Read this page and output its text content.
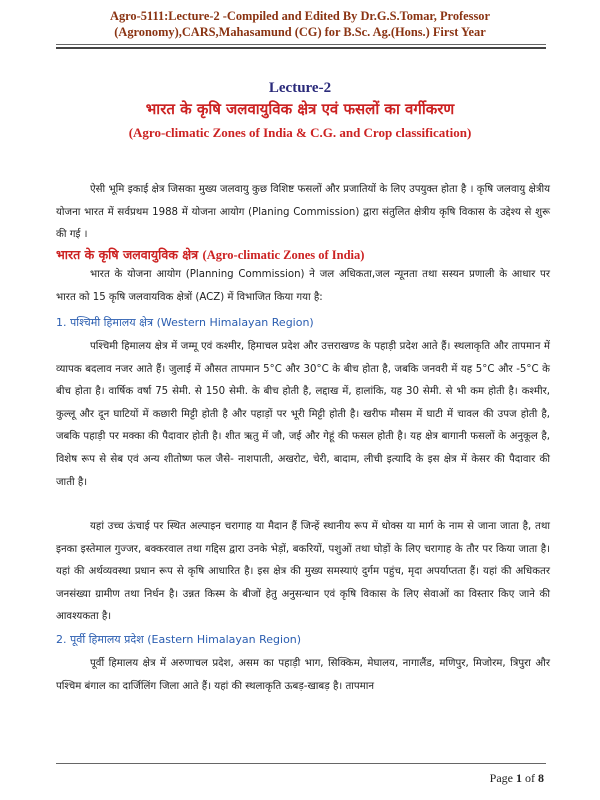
Agro-5111:Lecture-2 -Compiled and Edited By Dr.G.S.Tomar, Professor
(Agronomy),CARS,Mahasamund (CG) for B.Sc. Ag.(Hons.) First Year
Lecture-2
भारत के कृषि जलवायुविक क्षेत्र एवं फसलों का वर्गीकरण
(Agro-climatic Zones of India & C.G. and Crop classification)
ऐसी भूमि इकाई क्षेत्र जिसका मुख्य जलवायु कुछ विशिष्ट फसलों और प्रजातियों के लिए उपयुक्त होता है । कृषि जलवायु क्षेत्रीय योजना भारत में सर्वप्रथम 1988 में योजना आयोग (Planing Commission) द्वारा संतुलित क्षेत्रीय कृषि विकास के उद्देश्य से शुरू की गई ।
भारत के कृषि जलवायुविक क्षेत्र (Agro-climatic Zones of India)
भारत के योजना आयोग (Planning Commission) ने जल अधिकता,जल न्यूनता तथा सस्यन प्रणाली के आधार पर भारत को 15 कृषि जलवायविक क्षेत्रों (ACZ) में विभाजित किया गया है:
1. पश्चिमी हिमालय क्षेत्र (Western Himalayan Region)
पश्चिमी हिमालय क्षेत्र में जम्मू एवं कश्मीर, हिमाचल प्रदेश और उत्तराखण्ड के पहाड़ी प्रदेश आते हैं। स्थलाकृति और तापमान में व्यापक बदलाव नजर आते हैं। जुलाई में औसत तापमान 5°C और 30°C के बीच होता है, जबकि जनवरी में यह 5°C और -5°C के बीच होता है। वार्षिक वर्षा 75 सेमी. से 150 सेमी. के बीच होती है, लद्दाख में, हालांकि, यह 30 सेमी. से भी कम होती है। कश्मीर, कुल्लू और दून घाटियों में कछारी मिट्टी होती है और पहाड़ों पर भूरी मिट्टी होती है। खरीफ मौसम में घाटी में चावल की उपज होती है, जबकि पहाड़ी पर मक्का की पैदावार होती है। शीत ऋतु में जौ, जई और गेहूं की फसल होती है। यह क्षेत्र बागानी फसलों के अनुकूल है, विशेष रूप से सेब एवं अन्य शीतोष्ण फल जैसे- नाशपाती, अखरोट, चेरी, बादाम, लीची इत्यादि के इस क्षेत्र में केसर की पैदावार की जाती है।
यहां उच्च ऊंचाई पर स्थित अल्पाइन चरागाह या मैदान हैं जिन्हें स्थानीय रूप में धोक्स या मार्ग के नाम से जाना जाता है, तथा इनका इस्तेमाल गुज्जर, बक्करवाल तथा गद्दिस द्वारा उनके भेड़ों, बकरियों, पशुओं तथा घोड़ों के लिए चरागाह के तौर पर किया जाता है। यहां की अर्थव्यवस्था प्रधान रूप से कृषि आधारित है। इस क्षेत्र की मुख्य समस्याएं दुर्गम पहुंच, मृदा अपर्याप्तता हैं। यहां की अधिकतर जनसंख्या ग्रामीण तथा निर्धन है। उन्नत किस्म के बीजों हेतु अनुसन्धान एवं कृषि विकास के लिए सेवाओं का विस्तार किए जाने की आवश्यकता है।
2. पूर्वी हिमालय प्रदेश (Eastern Himalayan Region)
पूर्वी हिमालय क्षेत्र में अरुणाचल प्रदेश, असम का पहाड़ी भाग, सिक्किम, मेघालय, नागालैंड, मणिपुर, मिजोरम, त्रिपुरा और पश्चिम बंगाल का दार्जिलिंग जिला आते हैं। यहां की स्थलाकृति ऊबड़-खाबड़ है। तापमान
Page 1 of 8
